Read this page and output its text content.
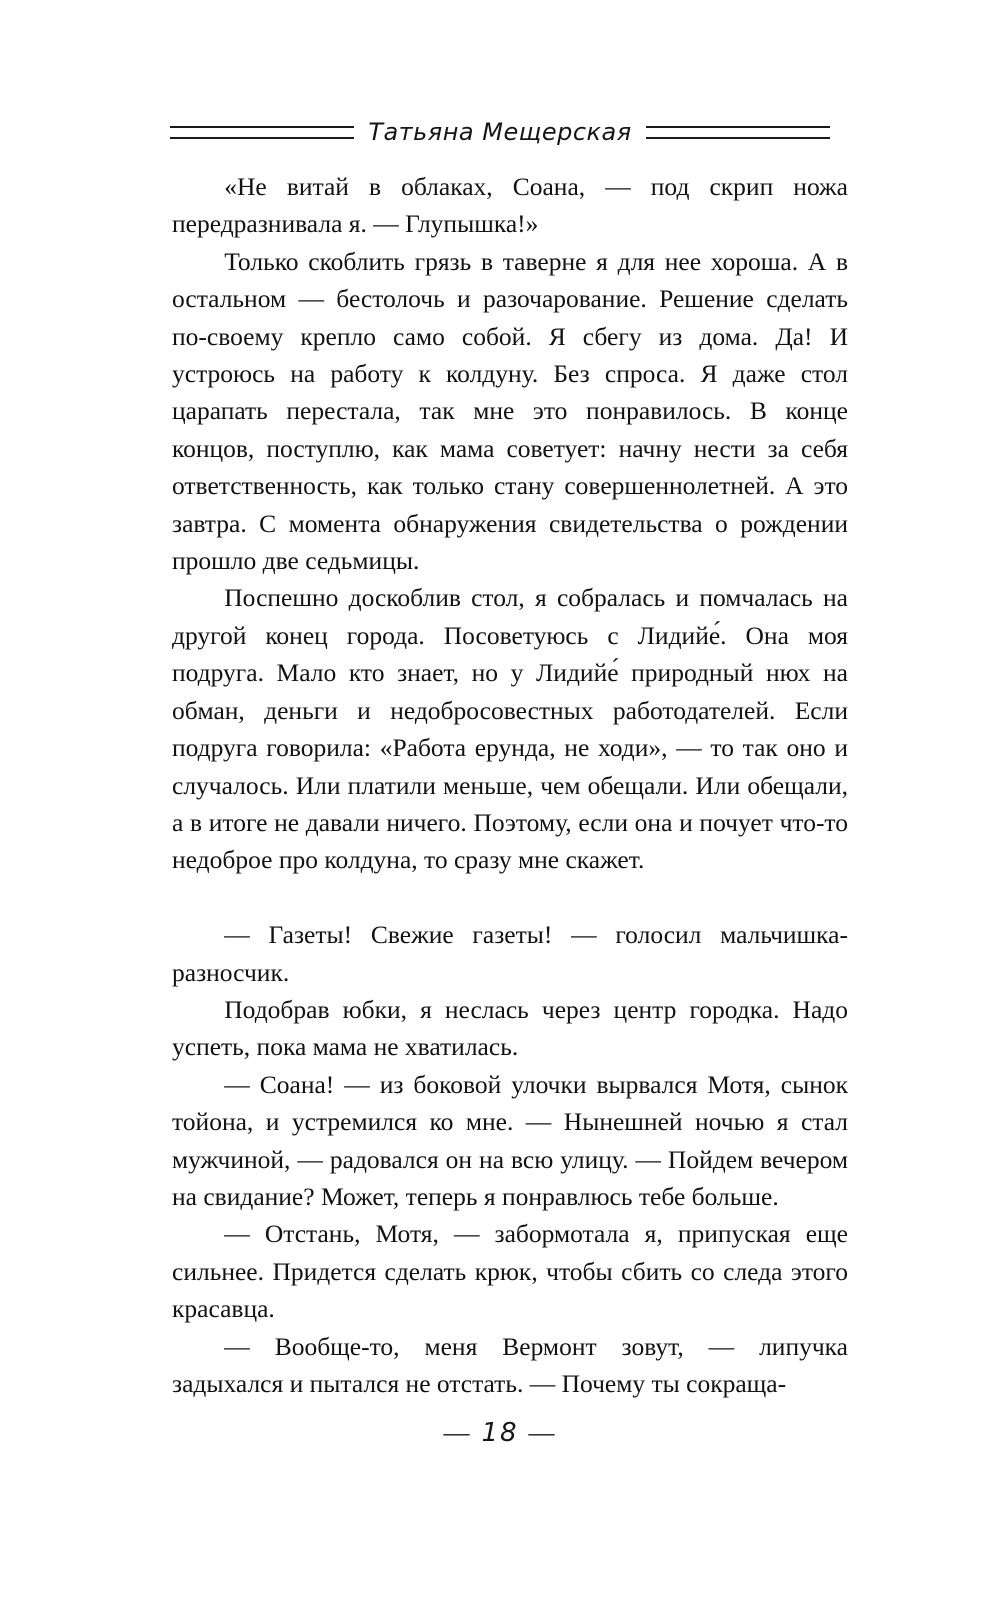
Татьяна Мещерская

«Не витай в облаках, Соана, — под скрип ножа передразнивала я. — Глупышка!»

Только скоблить грязь в таверне я для нее хороша. А в остальном — бестолочь и разочарование. Решение сделать по-своему крепло само собой. Я сбегу из дома. Да! И устроюсь на работу к колдуну. Без спроса. Я даже стол царапать перестала, так мне это понравилось. В конце концов, поступлю, как мама советует: начну нести за себя ответственность, как только стану совершеннолетней. А это завтра. С момента обнаружения свидетельства о рождении прошло две седьмицы.

Поспешно доскоблив стол, я собралась и помчалась на другой конец города. Посоветуюсь с Лидийе́. Она моя подруга. Мало кто знает, но у Лидийе́ природный нюх на обман, деньги и недобросовестных работодателей. Если подруга говорила: «Работа ерунда, не ходи», — то так оно и случалось. Или платили меньше, чем обещали. Или обещали, а в итоге не давали ничего. Поэтому, если она и почует что-то недоброе про колдуна, то сразу мне скажет.

— Газеты! Свежие газеты! — голосил мальчишка-разносчик.

Подобрав юбки, я неслась через центр городка. Надо успеть, пока мама не хватилась.

— Соана! — из боковой улочки вырвался Мотя, сынок тойона, и устремился ко мне. — Нынешней ночью я стал мужчиной, — радовался он на всю улицу. — Пойдем вечером на свидание? Может, теперь я понравлюсь тебе больше.

— Отстань, Мотя, — забормотала я, припуская еще сильнее. Придется сделать крюк, чтобы сбить со следа этого красавца.

— Вообще-то, меня Вермонт зовут, — липучка задыхался и пытался не отстать. — Почему ты сокраща-

— 18 —
